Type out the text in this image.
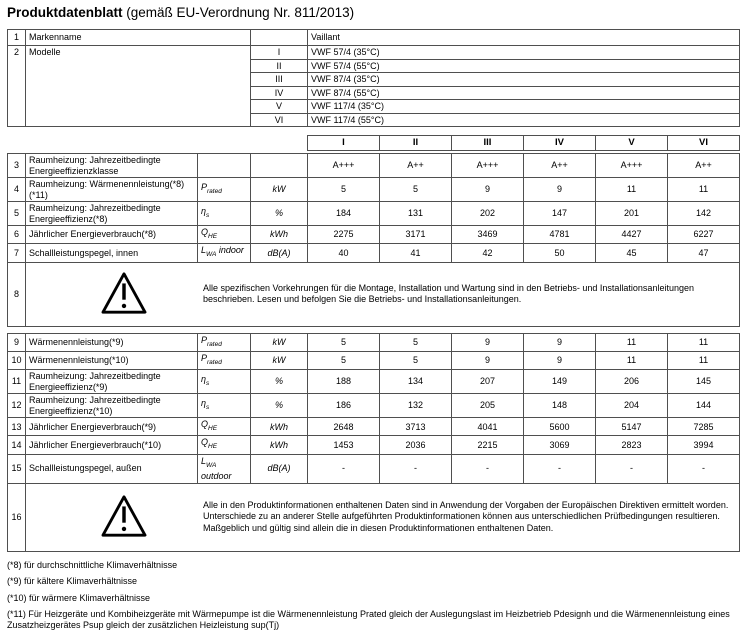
Produktdatenblatt (gemäß EU-Verordnung Nr. 811/2013)
1	Markenname		Vaillant
2	Modelle	I	VWF 57/4 (35°C)
		II	VWF 57/4 (55°C)
		III	VWF 87/4 (35°C)
		IV	VWF 87/4 (55°C)
		V	VWF 117/4 (35°C)
		VI	VWF 117/4 (55°C)
I	II	III	IV	V	VI
3	Raumheizung: Jahrezeitbedingte Energieeffizienzklasse			A+++	A++	A+++	A++	A+++	A++
4	Raumheizung: Wärmenennleistung(*8) (*11)	$P_{rated}$	kW	5	5	9	9	11	11
5	Raumheizung: Jahrezeitbedingte Energieeffizienz(*8)	$\eta_s$	%	184	131	202	147	201	142
6	Jährlicher Energieverbrauch(*8)	$Q_{HE}$	kWh	2275	3171	3469	4781	4427	6227
7	Schallleistungspegel, innen	$L_{WA}$ indoor	dB(A)	40	41	42	50	45	47
8	Alle spezifischen Vorkehrungen für die Montage, Installation und Wartung sind in den Betriebs- und Installationsanleitungen beschrieben. Lesen und befolgen Sie die Betriebs- und Installationsanleitungen.								
9	Wärmenennleistung(*9)	$P_{rated}$	kW	5	5	9	9	11	11
10	Wärmenennleistung(*10)	$P_{rated}$	kW	5	5	9	9	11	11
11	Raumheizung: Jahrezeitbedingte Energieeffizienz(*9)	$\eta_s$	%	188	134	207	149	206	145
12	Raumheizung: Jahrezeitbedingte Energieeffizienz(*10)	$\eta_s$	%	186	132	205	148	204	144
13	Jährlicher Energieverbrauch(*9)	$Q_{HE}$	kWh	2648	3713	4041	5600	5147	7285
14	Jährlicher Energieverbrauch(*10)	$Q_{HE}$	kWh	1453	2036	2215	3069	2823	3994
15	Schallleistungspegel, außen	$L_{WA}$ outdoor	dB(A)	-	-	-	-	-	-
16	Alle in den Produktinformationen enthaltenen Daten sind in Anwendung der Vorgaben der Europäischen Direktiven ermittelt worden. Unterschiede zu an anderer Stelle aufgeführten Produktinformationen können aus unterschiedlichen Prüfbedingungen resultieren. Maßgeblich und gültig sind allein die in diesen Produktinformationen enthaltenen Daten.								
(*8) für durchschnittliche Klimaverhältnisse
(*9) für kältere Klimaverhältnisse
(*10) für wärmere Klimaverhältnisse
(*11) Für Heizgeräte und Kombiheizgeräte mit Wärmepumpe ist die Wärmenennleistung Prated gleich der Auslegungslast im Heizbetrieb Pdesignh und die Wärmenennleistung eines Zusatzheizgerätes Psup gleich der zusätzlichen Heizleistung sup(Tj)
